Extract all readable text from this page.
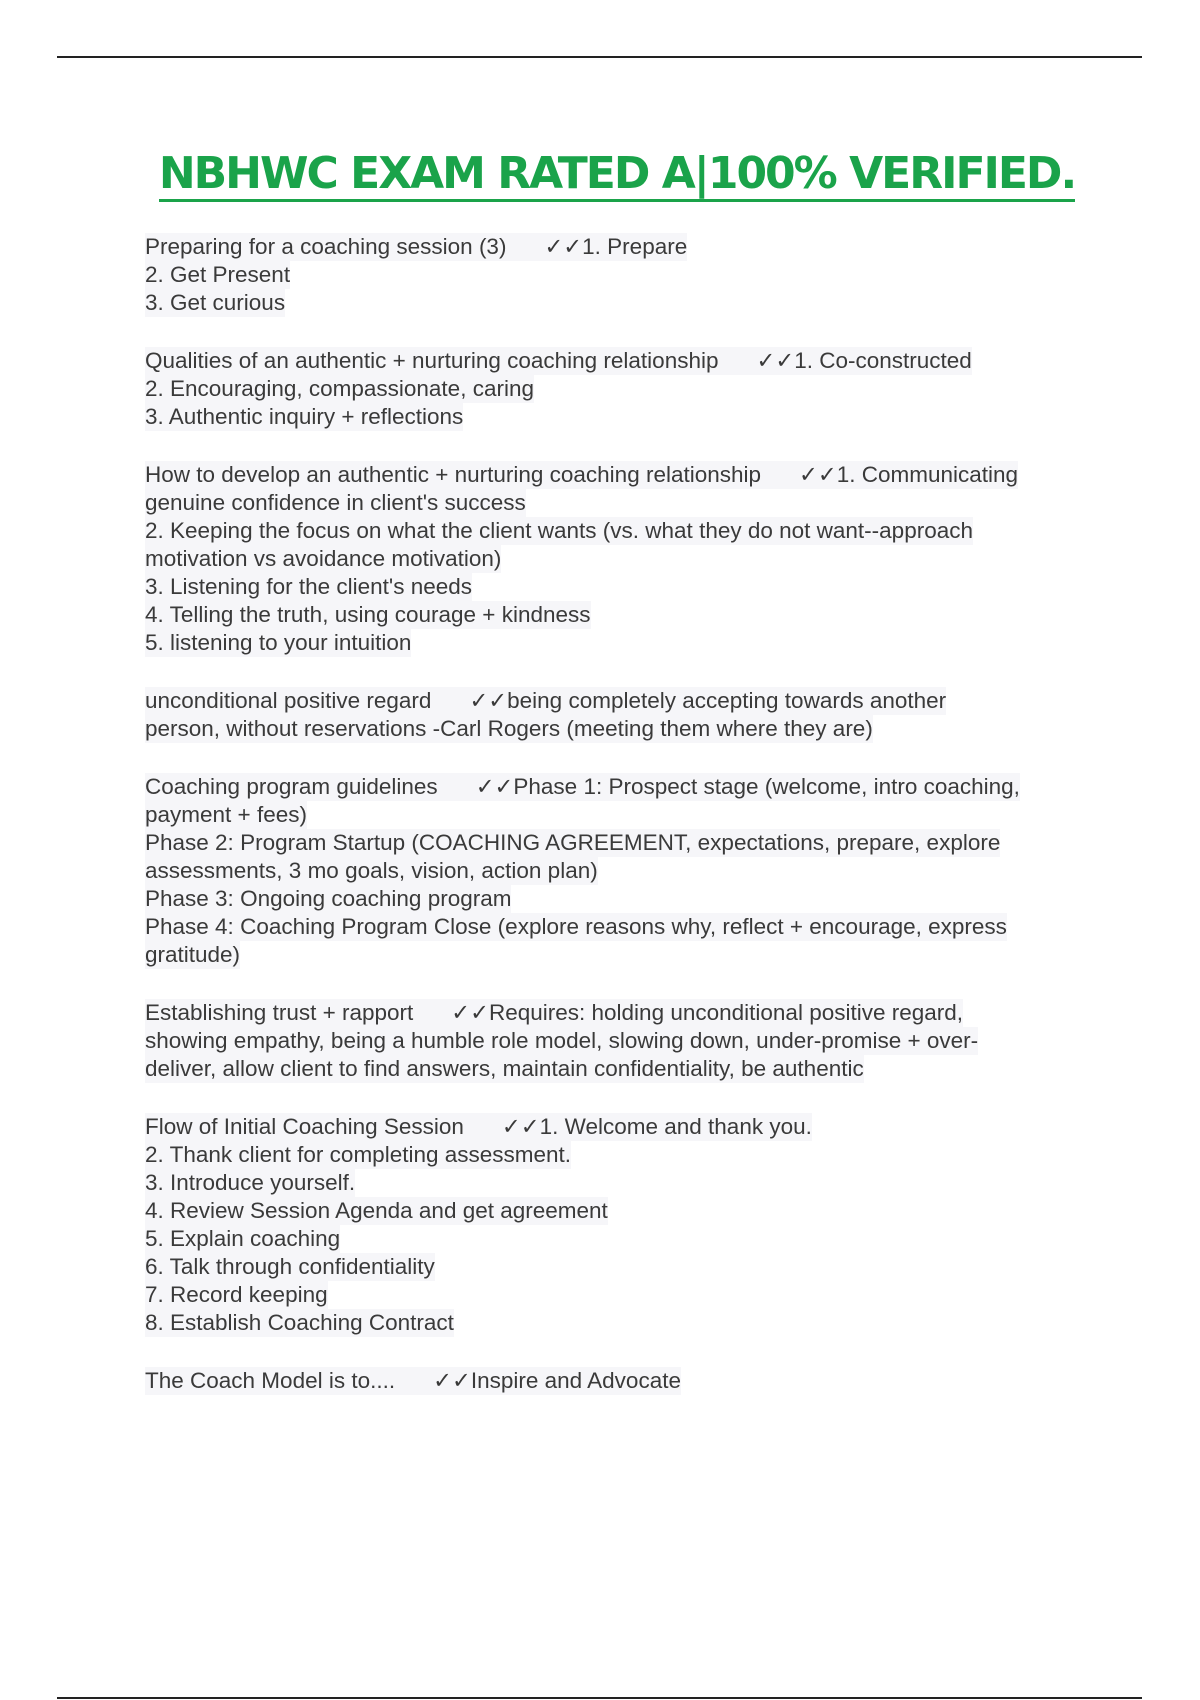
NBHWC EXAM RATED A|100% VERIFIED.
Preparing for a coaching session (3) ✓✓1. Prepare
2. Get Present
3. Get curious
Qualities of an authentic + nurturing coaching relationship ✓✓1. Co-constructed
2. Encouraging, compassionate, caring
3. Authentic inquiry + reflections
How to develop an authentic + nurturing coaching relationship ✓✓1. Communicating
genuine confidence in client's success
2. Keeping the focus on what the client wants (vs. what they do not want--approach
motivation vs avoidance motivation)
3. Listening for the client's needs
4. Telling the truth, using courage + kindness
5. listening to your intuition
unconditional positive regard ✓✓being completely accepting towards another
person, without reservations -Carl Rogers (meeting them where they are)
Coaching program guidelines ✓✓Phase 1: Prospect stage (welcome, intro coaching,
payment + fees)
Phase 2: Program Startup (COACHING AGREEMENT, expectations, prepare, explore
assessments, 3 mo goals, vision, action plan)
Phase 3: Ongoing coaching program
Phase 4: Coaching Program Close (explore reasons why, reflect + encourage, express
gratitude)
Establishing trust + rapport ✓✓Requires: holding unconditional positive regard,
showing empathy, being a humble role model, slowing down, under-promise + over-
deliver, allow client to find answers, maintain confidentiality, be authentic
Flow of Initial Coaching Session ✓✓1. Welcome and thank you.
2. Thank client for completing assessment.
3. Introduce yourself.
4. Review Session Agenda and get agreement
5. Explain coaching
6. Talk through confidentiality
7. Record keeping
8. Establish Coaching Contract
The Coach Model is to.... ✓✓Inspire and Advocate
